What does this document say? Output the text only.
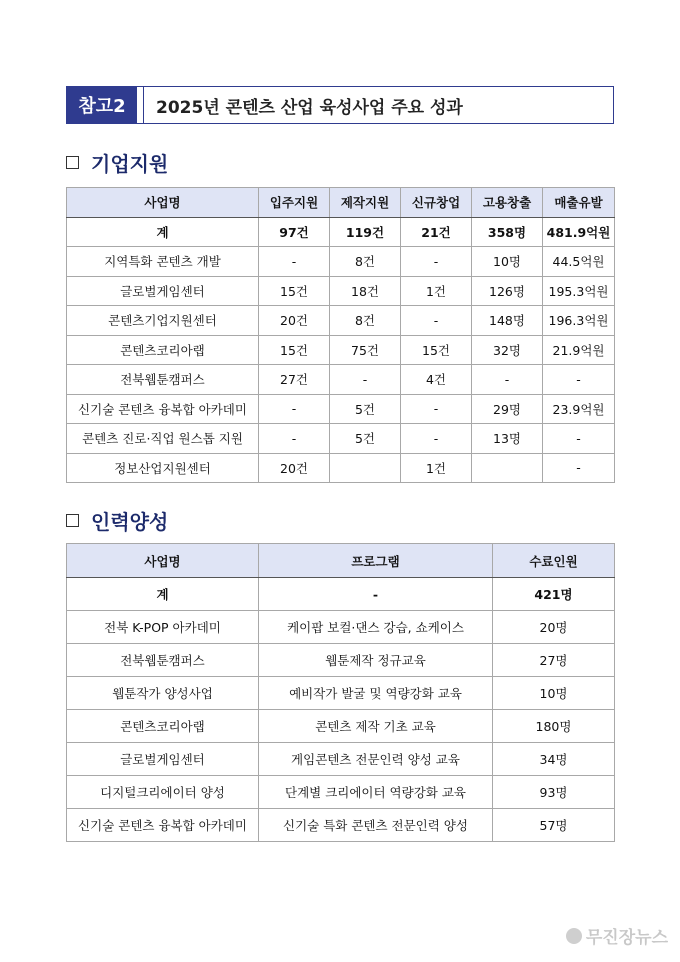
참고2	2025년 콘텐츠 산업 육성사업 주요 성과
기업지원
사업명	입주지원	제작지원	신규창업	고용창출	매출유발
계	97건	119건	21건	358명	481.9억원
지역특화 콘텐츠 개발	-	8건	-	10명	44.5억원
글로벌게임센터	15건	18건	1건	126명	195.3억원
콘텐츠기업지원센터	20건	8건	-	148명	196.3억원
콘텐츠코리아랩	15건	75건	15건	32명	21.9억원
전북웹툰캠퍼스	27건	-	4건	-	-
신기술 콘텐츠 융복합 아카데미	-	5건	-	29명	23.9억원
콘텐츠 진로·직업 원스톱 지원	-	5건	-	13명	-
정보산업지원센터	20건		1건		-
인력양성
사업명	프로그램	수료인원
계	-	421명
전북 K-POP 아카데미	케이팝 보컬·댄스 강습, 쇼케이스	20명
전북웹툰캠퍼스	웹툰제작 정규교육	27명
웹툰작가 양성사업	예비작가 발굴 및 역량강화 교육	10명
콘텐츠코리아랩	콘텐츠 제작 기초 교육	180명
글로벌게임센터	게임콘텐츠 전문인력 양성 교육	34명
디지털크리에이터 양성	단계별 크리에이터 역량강화 교육	93명
신기술 콘텐츠 융복합 아카데미	신기술 특화 콘텐츠 전문인력 양성	57명
무진장뉴스
